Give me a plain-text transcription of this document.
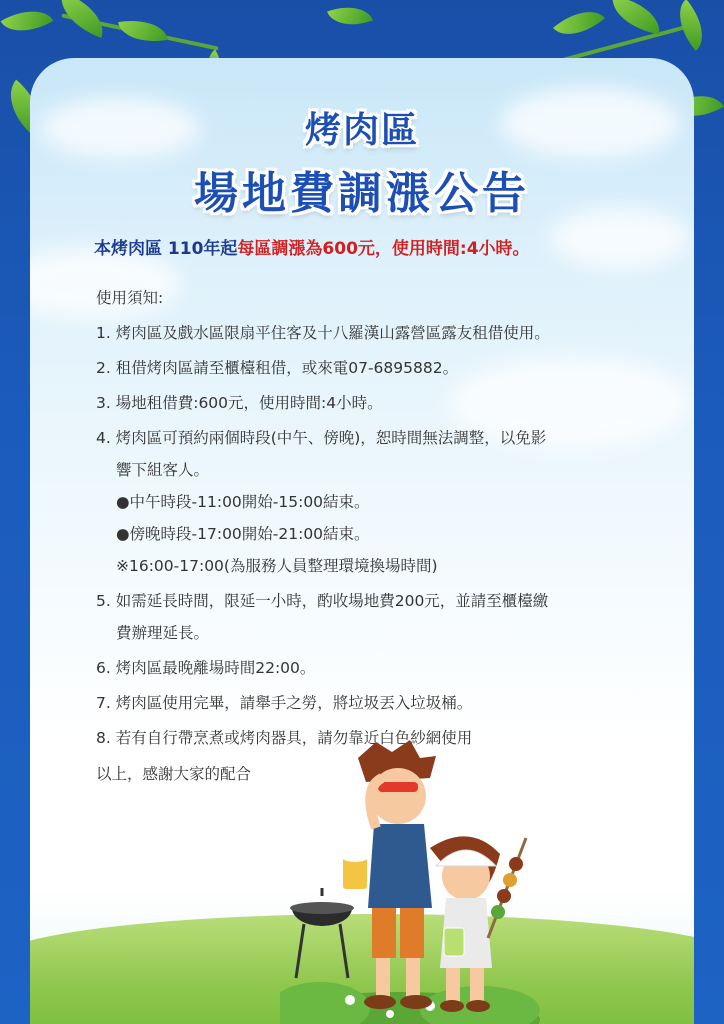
烤肉區
場地費調漲公告
本烤肉區 110年起每區調漲為600元，使用時間:4小時。
使用須知:
1. 烤肉區及戲水區限扇平住客及十八羅漢山露營區露友租借使用。
2. 租借烤肉區請至櫃檯租借，或來電07-6895882。
3. 場地租借費:600元，使用時間:4小時。
4. 烤肉區可預約兩個時段(中午、傍晚)，恕時間無法調整，以免影
響下組客人。
●中午時段-11:00開始-15:00結束。
●傍晚時段-17:00開始-21:00結束。
※16:00-17:00(為服務人員整理環境換場時間)
5. 如需延長時間，限延一小時，酌收場地費200元，並請至櫃檯繳
費辦理延長。
6. 烤肉區最晚離場時間22:00。
7. 烤肉區使用完畢，請舉手之勞，將垃圾丟入垃圾桶。
8. 若有自行帶烹煮或烤肉器具，請勿靠近白色紗網使用
以上，感謝大家的配合
